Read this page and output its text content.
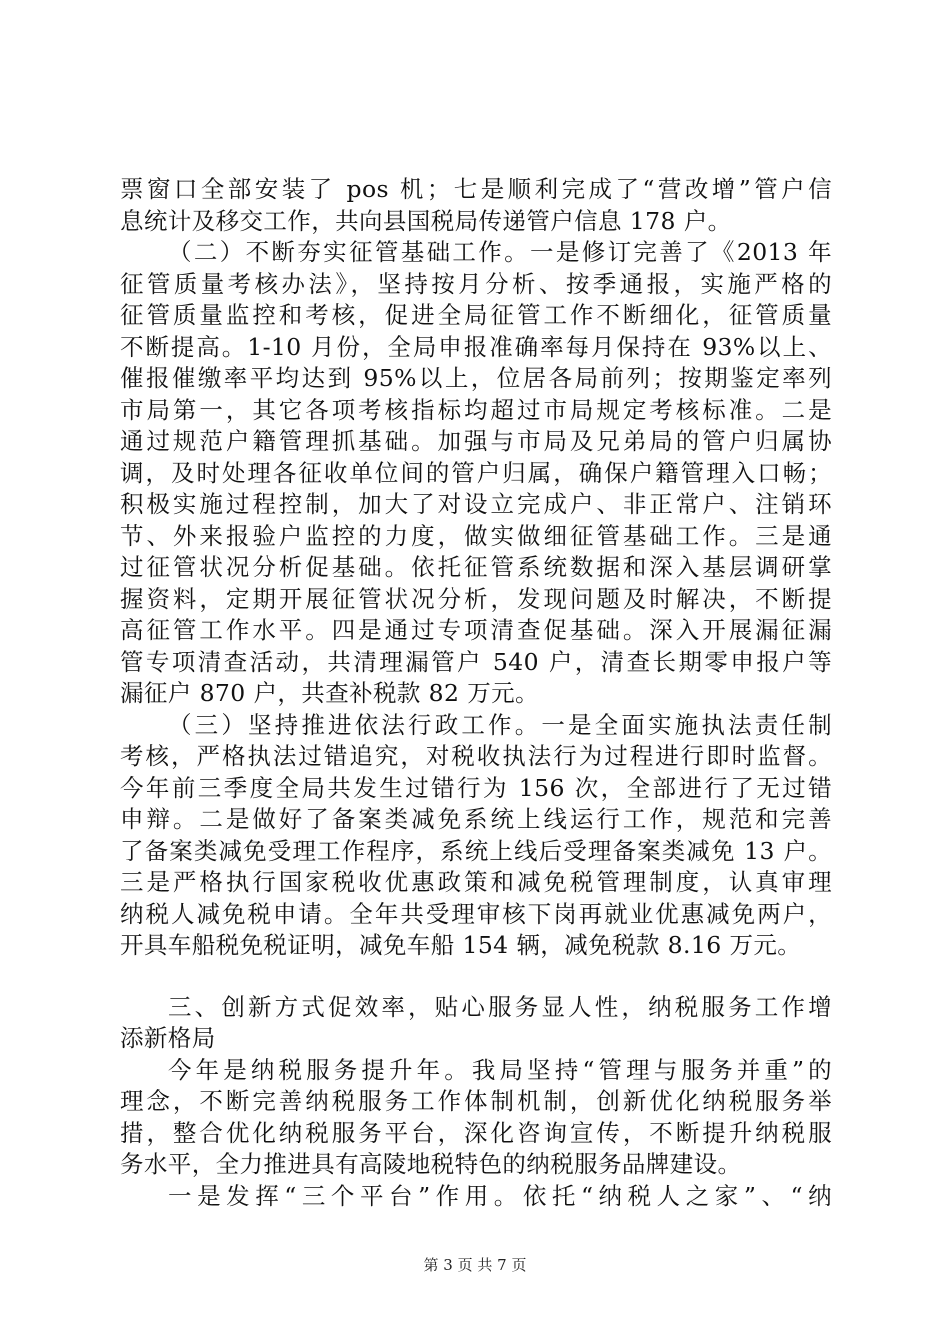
票窗口全部安装了 pos 机；七是顺利完成了“营改增”管户信
息统计及移交工作，共向县国税局传递管户信息 178 户。
（二）不断夯实征管基础工作。一是修订完善了《2013 年
征管质量考核办法》，坚持按月分析、按季通报，实施严格的
征管质量监控和考核，促进全局征管工作不断细化，征管质量
不断提高。1-10 月份，全局申报准确率每月保持在 93%以上、
催报催缴率平均达到 95%以上，位居各局前列；按期鉴定率列
市局第一，其它各项考核指标均超过市局规定考核标准。二是
通过规范户籍管理抓基础。加强与市局及兄弟局的管户归属协
调，及时处理各征收单位间的管户归属，确保户籍管理入口畅；
积极实施过程控制，加大了对设立完成户、非正常户、注销环
节、外来报验户监控的力度，做实做细征管基础工作。三是通
过征管状况分析促基础。依托征管系统数据和深入基层调研掌
握资料，定期开展征管状况分析，发现问题及时解决，不断提
高征管工作水平。四是通过专项清查促基础。深入开展漏征漏
管专项清查活动，共清理漏管户 540 户，清查长期零申报户等
漏征户 870 户，共查补税款 82 万元。
（三）坚持推进依法行政工作。一是全面实施执法责任制
考核，严格执法过错追究，对税收执法行为过程进行即时监督。
今年前三季度全局共发生过错行为 156 次，全部进行了无过错
申辩。二是做好了备案类减免系统上线运行工作，规范和完善
了备案类减免受理工作程序，系统上线后受理备案类减免 13 户。
三是严格执行国家税收优惠政策和减免税管理制度，认真审理
纳税人减免税申请。全年共受理审核下岗再就业优惠减免两户，
开具车船税免税证明，减免车船 154 辆，减免税款 8.16 万元。
三、创新方式促效率，贴心服务显人性，纳税服务工作增
添新格局
今年是纳税服务提升年。我局坚持“管理与服务并重”的
理念，不断完善纳税服务工作体制机制，创新优化纳税服务举
措，整合优化纳税服务平台，深化咨询宣传，不断提升纳税服
务水平，全力推进具有高陵地税特色的纳税服务品牌建设。
一是发挥“三个平台”作用。依托“纳税人之家”、“纳
第 3 页 共 7 页
